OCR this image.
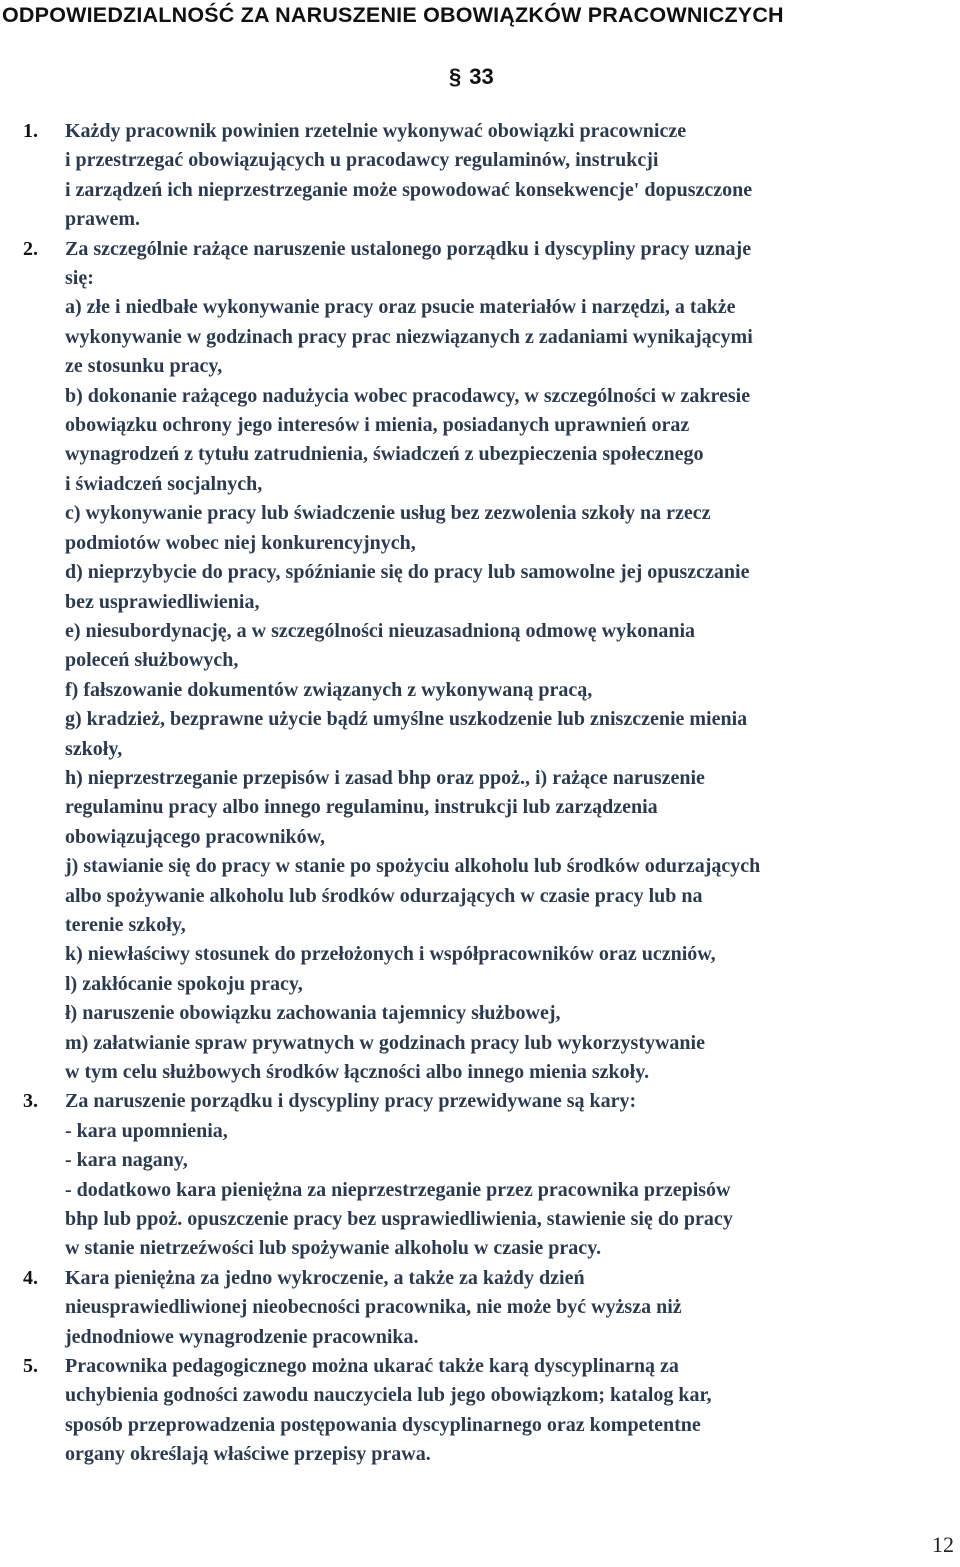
ODPOWIEDZIALNOŚĆ ZA NARUSZENIE OBOWIĄZKÓW PRACOWNICZYCH
§ 33
1. Każdy pracownik powinien rzetelnie wykonywać obowiązki pracownicze
i przestrzegać obowiązujących u pracodawcy regulaminów, instrukcji
i zarządzeń ich nieprzestrzeganie może spowodować konsekwencje' dopuszczone
prawem.
2. Za szczególnie rażące naruszenie ustalonego porządku i dyscypliny pracy uznaje
się:
a) złe i niedbałe wykonywanie pracy oraz psucie materiałów i narzędzi, a także
wykonywanie w godzinach pracy prac niezwiązanych z zadaniami wynikającymi
ze stosunku pracy,
b) dokonanie rażącego nadużycia wobec pracodawcy, w szczególności w zakresie
obowiązku ochrony jego interesów i mienia, posiadanych uprawnień oraz
wynagrodzeń z tytułu zatrudnienia, świadczeń z ubezpieczenia społecznego
i świadczeń socjalnych,
c) wykonywanie pracy lub świadczenie usług bez zezwolenia szkoły na rzecz
podmiotów wobec niej konkurencyjnych,
d) nieprzybycie do pracy, spóźnianie się do pracy lub samowolne jej opuszczanie
bez usprawiedliwienia,
e) niesubordynację, a w szczególności nieuzasadnioną odmowę wykonania
poleceń służbowych,
f) fałszowanie dokumentów związanych z wykonywaną pracą,
g) kradzież, bezprawne użycie bądź umyślne uszkodzenie lub zniszczenie mienia
szkoły,
h) nieprzestrzeganie przepisów i zasad bhp oraz ppoż., i) rażące naruszenie
regulaminu pracy albo innego regulaminu, instrukcji lub zarządzenia
obowiązującego pracowników,
j) stawianie się do pracy w stanie po spożyciu alkoholu lub środków odurzających
albo spożywanie alkoholu lub środków odurzających w czasie pracy lub na
terenie szkoły,
k) niewłaściwy stosunek do przełożonych i współpracowników oraz uczniów,
l) zakłócanie spokoju pracy,
ł) naruszenie obowiązku zachowania tajemnicy służbowej,
m) załatwianie spraw prywatnych w godzinach pracy lub wykorzystywanie
w tym celu służbowych środków łączności albo innego mienia szkoły.
3. Za naruszenie porządku i dyscypliny pracy przewidywane są kary:
- kara upomnienia,
- kara nagany,
- dodatkowo kara pieniężna za nieprzestrzeganie przez pracownika przepisów
bhp lub ppoż. opuszczenie pracy bez usprawiedliwienia, stawienie się do pracy
w stanie nietrzeźwości lub spożywanie alkoholu w czasie pracy.
4. Kara pieniężna za jedno wykroczenie, a także za każdy dzień
nieusprawiedliwionej nieobecności pracownika, nie może być wyższa niż
jednodniowe wynagrodzenie pracownika.
5. Pracownika pedagogicznego można ukarać także karą dyscyplinarną za
uchybienia godności zawodu nauczyciela lub jego obowiązkom; katalog kar,
sposób przeprowadzenia postępowania dyscyplinarnego oraz kompetentne
organy określają właściwe przepisy prawa.
12
